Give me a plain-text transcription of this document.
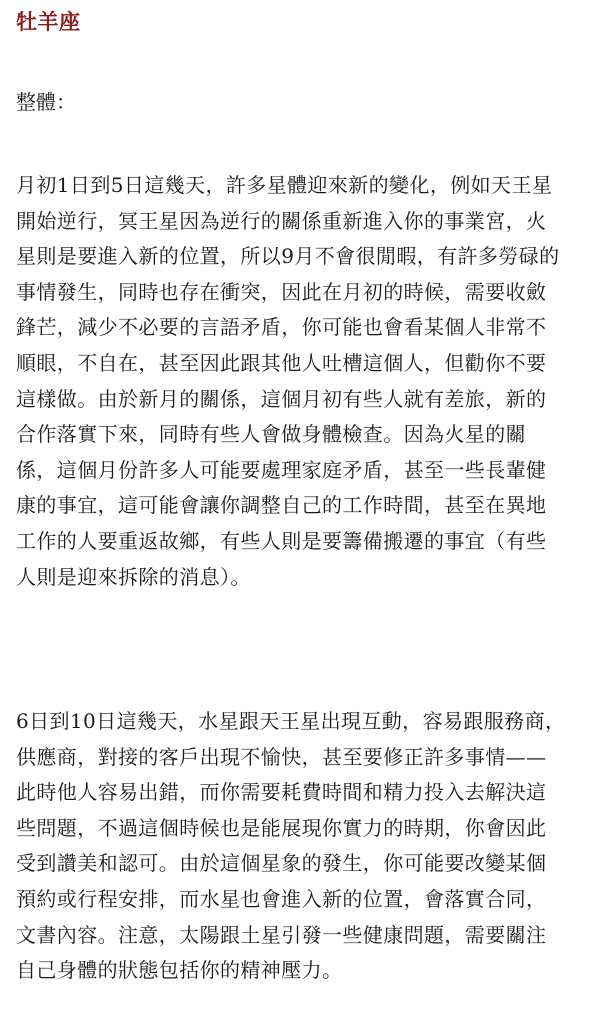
牡羊座

整體：

月初1日到5日這幾天，許多星體迎來新的變化，例如天王星
開始逆行，冥王星因為逆行的關係重新進入你的事業宮，火
星則是要進入新的位置，所以9月不會很閒暇，有許多勞碌的
事情發生，同時也存在衝突，因此在月初的時候，需要收斂
鋒芒，減少不必要的言語矛盾，你可能也會看某個人非常不
順眼，不自在，甚至因此跟其他人吐槽這個人，但勸你不要
這樣做。由於新月的關係，這個月初有些人就有差旅，新的
合作落實下來，同時有些人會做身體檢查。因為火星的關
係，這個月份許多人可能要處理家庭矛盾，甚至一些長輩健
康的事宜，這可能會讓你調整自己的工作時間，甚至在異地
工作的人要重返故鄉，有些人則是要籌備搬遷的事宜（有些
人則是迎來拆除的消息）。
6日到10日這幾天，水星跟天王星出現互動，容易跟服務商，
供應商，對接的客戶出現不愉快，甚至要修正許多事情——
此時他人容易出錯，而你需要耗費時間和精力投入去解決這
些問題，不過這個時候也是能展現你實力的時期，你會因此
受到讚美和認可。由於這個星象的發生，你可能要改變某個
預約或行程安排，而水星也會進入新的位置，會落實合同，
文書內容。注意，太陽跟土星引發一些健康問題，需要關注
自己身體的狀態包括你的精神壓力。
